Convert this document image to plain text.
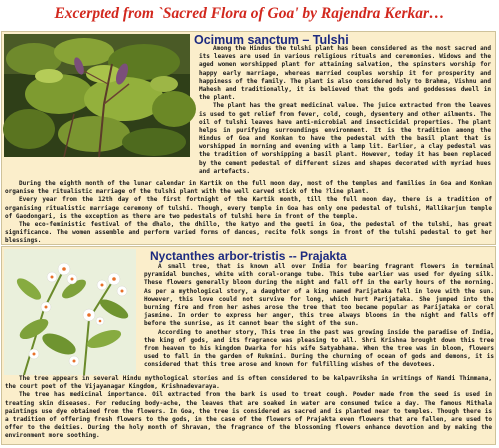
Excerpted from `Sacred Flora of Goa' by Rajendra Kerkar…
Ocimum sanctum – Tulshi

Among the Hindus the tulshi plant has been considered as the most sacred and its leaves are used in various religious rituals and ceremonies. Widows and the aged women worshipped plant for attaining salvation, the spinsters worship for happy early marriage, whereas married couples worship it for prosperity and happiness of the family. The plant is also considered holy to Brahma, Vishnu and Mahesh and traditionally, it is believed that the gods and goddesses dwell in the plant.

The plant has the great medicinal value. The juice extracted from the leaves is used to get relief from fever, cold, cough, dysentery and other ailments. The oil of tulshi leaves have anti-microbial and insecticidal properties. The plant helps in purifying surroundings environment. It is the tradition among the Hindus of Goa and Konkan to have the pedestal with the basil plant that is worshipped in morning and evening with a lamp lit. Earlier, a clay pedestal was the tradition of worshipping a basil plant. However, today it has been replaced by the cement pedestal of different sizes and shapes decorated with myriad hues and artefacts.

During the eighth month of the lunar calendar in Kartik on the full moon day, most of the temples and families in Goa and Konkan organise the ritualistic marriage of the tulshi plant with the well carved stick of the ?line plant.

Every year from the 12th day of the first fortnight of the Kartik month, till the full moon day, there is a tradition of organising ritualistic marriage ceremony of tulshi. Though, every temple in Goa has only one pedestal of tulshi, Mallikarjun temple of Gaodongari, is the exception as there are two pedestals of tulshi here in front of the temple.

The eco-feministic festival of the dhalo, the dhillo, the katyo and the geeti in Goa, the pedestal of the tulshi, has great significance. The women assemble and perform varied forms of dances, recite folk songs in front of the tulshi pedestal to get her blessings.

Nyctanthes arbor-tristis -- Prajakta

A small tree, that is known all over India for bearing fragrant flowers in terminal pyramidal bunches, white with coral-orange tube. This tube earlier was used for dyeing silk. These flowers generally bloom during the night and fall off in the early hours of the morning. As per a mythological story, a daughter of a king named Parijataka fell in love with the sun. However, this love could not survive for long, which hurt Parijataka. She jumped into the burning fire and from her ashes arose the tree that too became popular as Parijataka or coral jasmine. In order to express her anger, this tree always blooms in the night and falls off before the sunrise, as it cannot bear the sight of the sun.

According to another story, This tree in the past was growing inside the paradise of India, the king of gods, and its fragrance was pleasing to all. Shri Krishna brought down this tree from heaven to his kingdom Dwarka for his wife Satyabhama. When the tree was in bloom, flowers used to fall in the garden of Rukmini. During the churning of ocean of gods and demons, it is considered that this tree arose and known for fulfilling wishes of the devotees.

The tree appears in several Hindu mythological stories and is often considered to be kalpavriksha in writings of Nandi Thimmana, the court poet of the Vijayanagar Kingdom, Krishnadevaraya.

The tree has medicinal importance. Oil extracted from the bark is used to treat cough. Powder made from the seed is used in treating skin diseases. For reducing body-ache, the leaves that are soaked in water are consumed twice a day. The famous Mithala paintings use dye obtained from the flowers. In Goa, the tree is considered as sacred and is planted near to temples. Though there is a tradition of offering fresh flowers to the gods, in the case of the flowers of Prajakta even flowers that are fallen, are used to offer to the deities. During the holy month of Shravan, the fragrance of the blossoming flowers enhance devotion and by making the environment more soothing.
